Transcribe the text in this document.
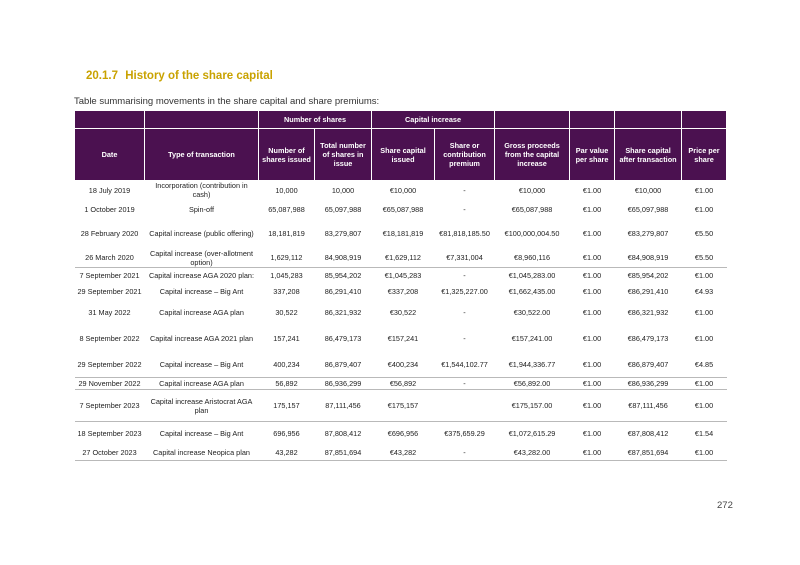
20.1.7 History of the share capital
Table summarising movements in the share capital and share premiums:
		Number of shares		Capital increase					
Date	Type of transaction	Number of shares issued	Total number of shares in issue	Share capital issued	Share or contribution premium	Gross proceeds from the capital increase	Par value per share	Share capital after transaction	Price per share
18 July 2019	Incorporation (contribution in cash)	10,000	10,000	€10,000	-	€10,000	€1.00	€10,000	€1.00
1 October 2019	Spin-off	65,087,988	65,097,988	€65,087,988	-	€65,087,988	€1.00	€65,097,988	€1.00
28 February 2020	Capital increase (public offering)	18,181,819	83,279,807	€18,181,819	€81,818,185.50	€100,000,004.50	€1.00	€83,279,807	€5.50
26 March 2020	Capital increase (over-allotment option)	1,629,112	84,908,919	€1,629,112	€7,331,004	€8,960,116	€1.00	€84,908,919	€5.50
7 September 2021	Capital increase AGA 2020 plan:	1,045,283	85,954,202	€1,045,283	-	€1,045,283.00	€1.00	€85,954,202	€1.00
29 September 2021	Capital increase – Big Ant	337,208	86,291,410	€337,208	€1,325,227.00	€1,662,435.00	€1.00	€86,291,410	€4.93
31 May 2022	Capital increase AGA plan	30,522	86,321,932	€30,522	-	€30,522.00	€1.00	€86,321,932	€1.00
8 September 2022	Capital increase AGA 2021 plan	157,241	86,479,173	€157,241	-	€157,241.00	€1.00	€86,479,173	€1.00
29 September 2022	Capital increase – Big Ant	400,234	86,879,407	€400,234	€1,544,102.77	€1,944,336.77	€1.00	€86,879,407	€4.85
29 November 2022	Capital increase AGA plan	56,892	86,936,299	€56,892	-	€56,892.00	€1.00	€86,936,299	€1.00
7 September 2023	Capital increase Aristocrat AGA plan	175,157	87,111,456	€175,157		€175,157.00	€1.00	€87,111,456	€1.00
18 September 2023	Capital increase – Big Ant	696,956	87,808,412	€696,956	€375,659.29	€1,072,615.29	€1.00	€87,808,412	€1.54
27 October 2023	Capital increase Neopica plan	43,282	87,851,694	€43,282	-	€43,282.00	€1.00	€87,851,694	€1.00
272
